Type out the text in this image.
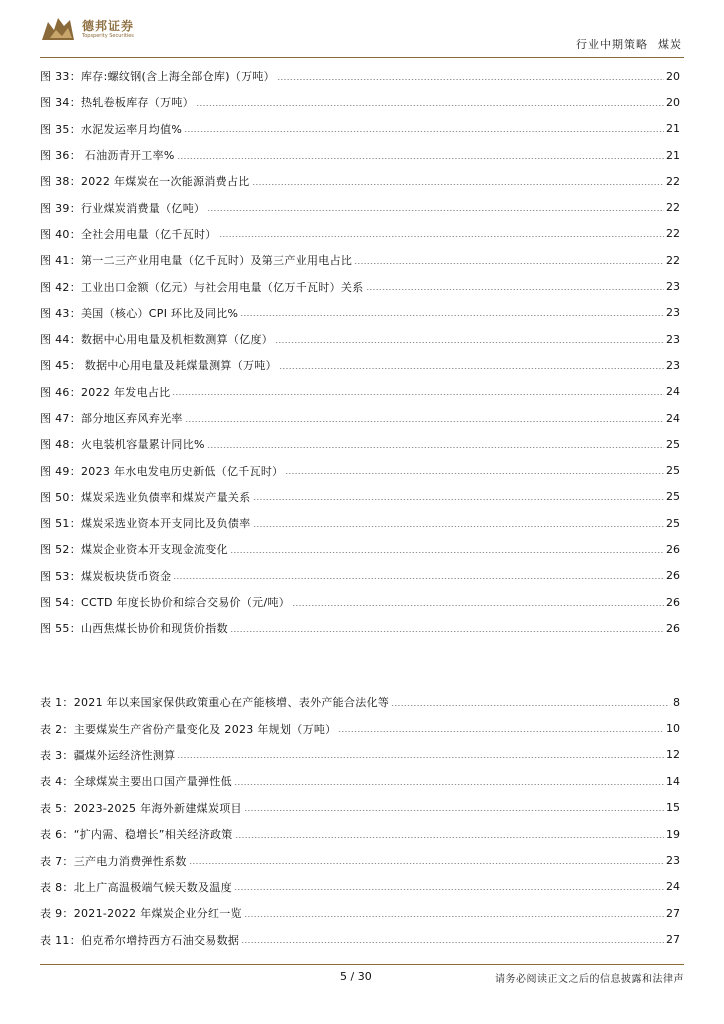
德邦证券
Topsperity Securities
行业中期策略 煤炭
图 33：库存:螺纹钢(含上海全部仓库)（万吨）	20
图 34：热轧卷板库存（万吨）	20
图 35：水泥发运率月均值%	21
图 36： 石油沥青开工率%	21
图 38：2022 年煤炭在一次能源消费占比	22
图 39：行业煤炭消费量（亿吨）	22
图 40：全社会用电量（亿千瓦时）	22
图 41：第一二三产业用电量（亿千瓦时）及第三产业用电占比	22
图 42：工业出口金额（亿元）与社会用电量（亿万千瓦时）关系	23
图 43：美国（核心）CPI 环比及同比%	23
图 44：数据中心用电量及机柜数测算（亿度）	23
图 45： 数据中心用电量及耗煤量测算（万吨）	23
图 46：2022 年发电占比	24
图 47：部分地区弃风弃光率	24
图 48：火电装机容量累计同比%	25
图 49：2023 年水电发电历史新低（亿千瓦时）	25
图 50：煤炭采选业负债率和煤炭产量关系	25
图 51：煤炭采选业资本开支同比及负债率	25
图 52：煤炭企业资本开支现金流变化	26
图 53：煤炭板块货币资金	26
图 54：CCTD 年度长协价和综合交易价（元/吨）	26
图 55：山西焦煤长协价和现货价指数	26
表 1：2021 年以来国家保供政策重心在产能核增、表外产能合法化等	8
表 2：主要煤炭生产省份产量变化及 2023 年规划（万吨）	10
表 3：疆煤外运经济性测算	12
表 4：全球煤炭主要出口国产量弹性低	14
表 5：2023-2025 年海外新建煤炭项目	15
表 6：“扩内需、稳增长”相关经济政策	19
表 7：三产电力消费弹性系数	23
表 8：北上广高温极端气候天数及温度	24
表 9：2021-2022 年煤炭企业分红一览	27
表 11：伯克希尔增持西方石油交易数据	27
5 / 30	请务必阅读正文之后的信息披露和法律声
